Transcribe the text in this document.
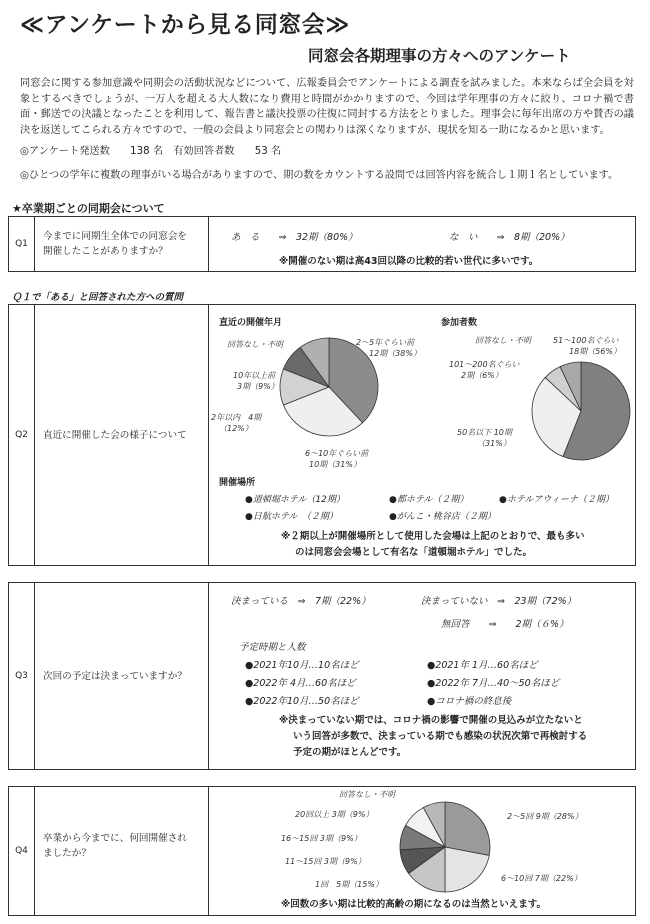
≪アンケートから見る同窓会≫
同窓会各期理事の方々へのアンケート
同窓会に関する参加意識や同期会の活動状況などについて、広報委員会でアンケートによる調査を試みました。本来ならば全会員を対象とするべきでしょうが、一万人を超える大人数になり費用と時間がかかりますので、今回は学年理事の方々に絞り、コロナ禍で書面・郵送での決議となったことを利用して、報告書と議決投票の往復に同封する方法をとりました。理事会に毎年出席の方や賛否の議決を返送してこられる方々ですので、一般の会員より同窓会との関わりは深くなりますが、現状を知る一助になるかと思います。
◎アンケート発送数　　138 名　有効回答者数　　53 名
◎ひとつの学年に複数の理事がいる場合がありますので、期の数をカウントする設問では回答内容を統合し１期１名としています。
★卒業期ごとの同期会について
Q1
今までに同期生全体での同窓会を
開催したことがありますか？
あ　る　　⇒　32期（80%）	な　い　　⇒　8期（20%）
※開催のない期は高43回以降の比較的若い世代に多いです。
Ｑ１で「ある」と回答された方への質問
Q2	直近に開催した会の様子について
直近の開催年月
回答なし・不明	2～5年ぐらい前
12期（38%）
10年以上前
3期（9%）
2年以内　4期
（12%）
6～10年ぐらい前
10期（31%）
参加者数
回答なし・不明	51～100名ぐらい
18期（56%）
101～200名ぐらい
2期（6%）
50名以下 10期
（31%）
開催場所
●道頓堀ホテル（12期）	●都ホテル（２期）	●ホテルアウィーナ（２期）
●日航ホテル　（２期）	●がんこ・桃谷店（２期）
※２期以上が開催場所として使用した会場は上記のとおりで、最も多い
のは同窓会会場として有名な「道頓堀ホテル」でした。
Q3	次回の予定は決まっていますか？
決まっている　⇒　7期（22%）	決まっていない　⇒　23期（72%）
無回答　　⇒　　2期（６%）
予定時期と人数
●2021年10月…10名ほど
●2022年 4月…60名ほど
●2022年10月…50名ほど
●2021年 1月…60名ほど
●2022年 7月…40～50名ほど
●コロナ禍の終息後
※決まっていない期では、コロナ禍の影響で開催の見込みが立たないと
いう回答が多数で、決まっている期でも感染の状況次第で再検討する
予定の期がほとんどです。
Q4
卒業から今までに、何回開催され
ましたか？
回答なし・不明
20回以上 3期（9%）
16～15回 3期（9%）
11～15回 3期（9%）
1回　5期（15%）
2～5回 9期（28%）
6～10回 7期（22%）
※回数の多い期は比較的高齢の期になるのは当然といえます。
